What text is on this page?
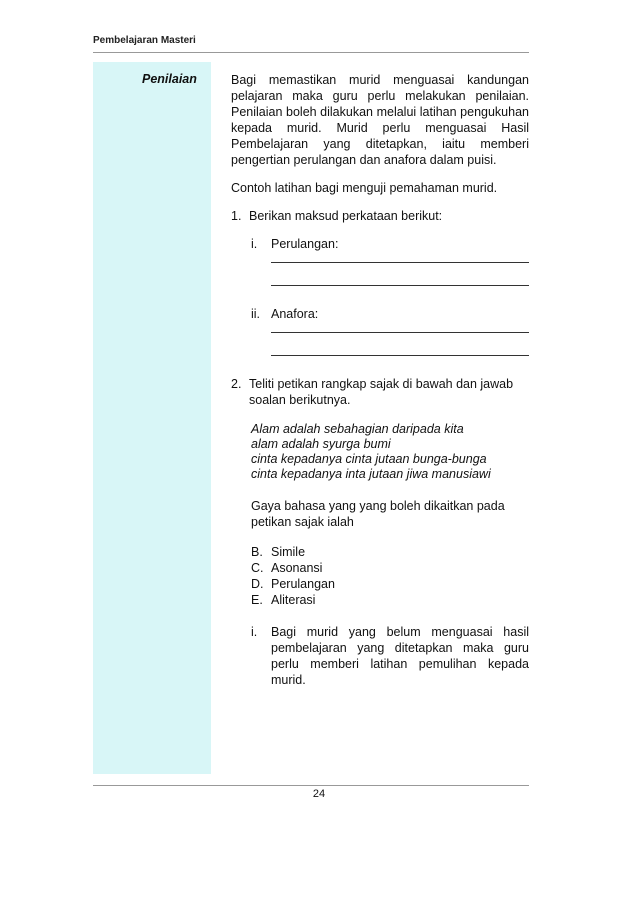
Pembelajaran Masteri
Penilaian	Bagi memastikan murid menguasai kandungan pelajaran maka guru perlu melakukan penilaian. Penilaian boleh dilakukan melalui latihan pengukuhan kepada murid. Murid perlu menguasai Hasil Pembelajaran yang ditetapkan, iaitu memberi pengertian perulangan dan anafora dalam puisi.

Contoh latihan bagi menguji pemahaman murid.

1. Berikan maksud perkataan berikut:
i.	Perulangan:
ii. Anafora:
2. Teliti petikan rangkap sajak di bawah dan jawab soalan berikutnya.
Alam adalah sebahagian daripada kita
alam adalah syurga bumi
cinta kepadanya cinta jutaan bunga-bunga
cinta kepadanya inta jutaan jiwa manusiawi
Gaya bahasa yang yang boleh dikaitkan pada petikan sajak ialah
B. Simile
C. Asonansi
D. Perulangan
E. Aliterasi
i.	Bagi murid yang belum menguasai hasil pembelajaran yang ditetapkan maka guru perlu memberi latihan pemulihan kepada murid.
24
